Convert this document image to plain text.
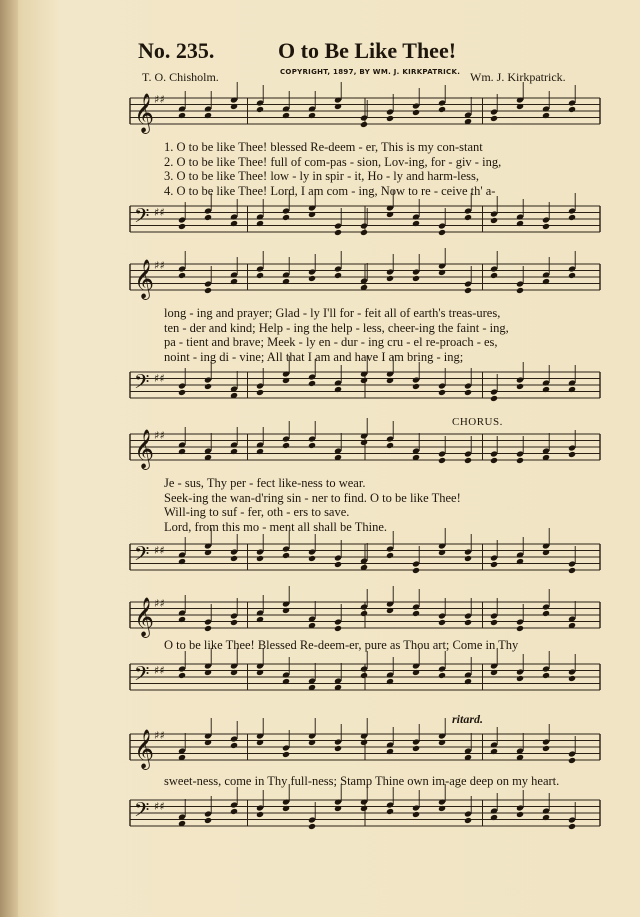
No. 235.	O to Be Like Thee!
COPYRIGHT, 1897, BY WM. J. KIRKPATRICK.
T. O. Chisholm.	Wm. J. Kirkpatrick.
𝄞 ♯♯
1. O to be like Thee! blessed Re-deem - er, This is my con-stant
2. O to be like Thee! full of com-pas - sion, Lov-ing, for - giv - ing,
3. O to be like Thee! low - ly in spir - it, Ho - ly and harm-less,
4. O to be like Thee! Lord, I am com - ing, Now to re - ceive th' a-
𝄢 ♯♯
𝄞 ♯♯
long - ing and prayer; Glad - ly I'll for - feit all of earth's treas-ures,
ten - der and kind; Help - ing the help - less, cheer-ing the faint - ing,
pa - tient and brave; Meek - ly en - dur - ing cru - el re-proach - es,
noint - ing di - vine; All that I am and have I am bring - ing;
𝄢 ♯♯
CHORUS.
𝄞 ♯♯
Je - sus, Thy per - fect like-ness to wear.
Seek-ing the wan-d'ring sin - ner to find. O to be like Thee!
Will-ing to suf - fer, oth - ers to save.
Lord, from this mo - ment all shall be Thine.
𝄢 ♯♯
𝄞 ♯♯
O to be like Thee! Blessed Re-deem-er, pure as Thou art; Come in Thy
𝄢 ♯♯
ritard.
𝄞 ♯♯
sweet-ness, come in Thy full-ness; Stamp Thine own im-age deep on my heart.
𝄢 ♯♯
